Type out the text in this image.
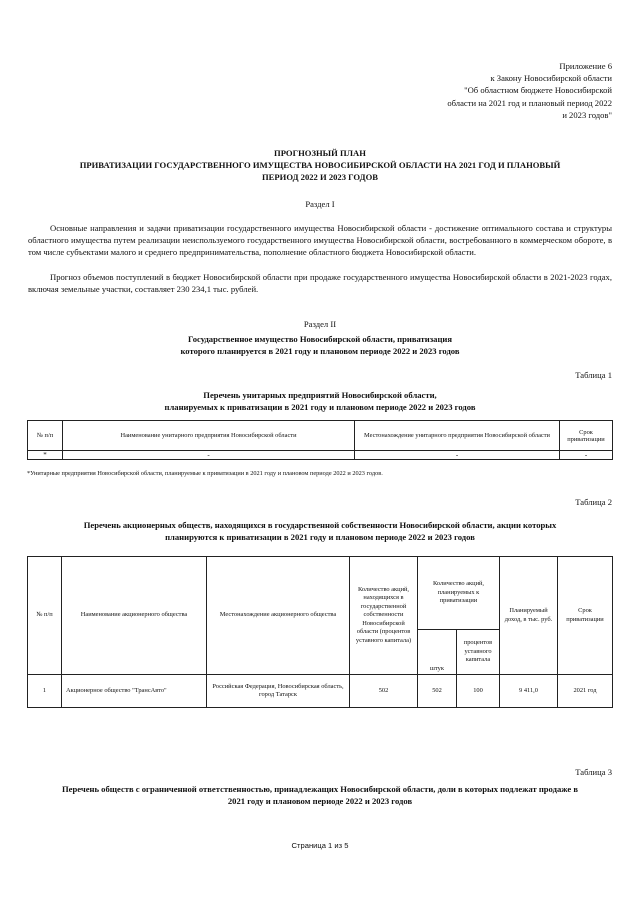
Приложение 6
к Закону Новосибирской области
"Об областном бюджете Новосибирской
области на 2021 год и плановый период 2022
и 2023 годов"
ПРОГНОЗНЫЙ ПЛАН
ПРИВАТИЗАЦИИ ГОСУДАРСТВЕННОГО ИМУЩЕСТВА НОВОСИБИРСКОЙ ОБЛАСТИ НА 2021 ГОД И ПЛАНОВЫЙ
ПЕРИОД 2022 И 2023 ГОДОВ
Раздел I
Основные направления и задачи приватизации государственного имущества Новосибирской области - достижение оптимального состава и структуры областного имущества путем реализации неиспользуемого государственного имущества Новосибирской области, востребованного в коммерческом обороте, в том числе субъектами малого и среднего предпринимательства, пополнение областного бюджета Новосибирской области.
Прогноз объемов поступлений в бюджет Новосибирской области при продаже государственного имущества Новосибирской области в 2021-2023 годах, включая земельные участки, составляет 230 234,1 тыс. рублей.
Раздел II
Государственное имущество Новосибирской области, приватизация
которого планируется в 2021 году и плановом периоде 2022 и 2023 годов
Таблица 1
Перечень унитарных предприятий Новосибирской области,
планируемых к приватизации в 2021 году и плановом периоде 2022 и 2023 годов
№ п/п	Наименование унитарного предприятия Новосибирской области	Местонахождение унитарного предприятия Новосибирской области	Срок приватизации
*	-	-	-
*Унитарные предприятия Новосибирской области, планируемые к приватизации в 2021 году и плановом периоде 2022 и 2023 годов.
Таблица 2
Перечень акционерных обществ, находящихся в государственной собственности Новосибирской области, акции которых
планируются к приватизации в 2021 году и плановом периоде 2022 и 2023 годов
№ п/п	Наименование акционерного общества	Местонахождение акционерного общества	Количество акций, находящихся в государственной собственности Новосибирской области (процентов уставного капитала)	Количество акций, планируемых к приватизации		Планируемый доход, в тыс. руб.	Срок приватизации
				штук	процентов уставного капитала		
1	Акционерное общество "ТрансАвто"	Российская Федерация, Новосибирская область, город Татарск	502	502	100	9 411,0	2021 год
Таблица 3
Перечень обществ с ограниченной ответственностью, принадлежащих Новосибирской области, доли в которых подлежат продаже в
2021 году и плановом периоде 2022 и 2023 годов
Страница 1 из 5
